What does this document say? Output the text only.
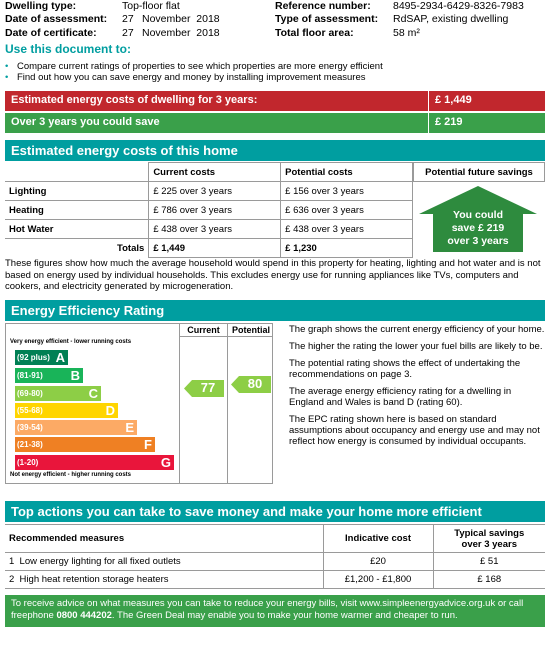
Dwelling type:	Top-floor flat
Date of assessment: 27 November  2018
Date of certificate: 27 November  2018
Reference number: 8495-2934-6429-8326-7983
Type of assessment: RdSAP, existing dwelling
Total floor area:	58 m²
Use this document to:
• Compare current ratings of properties to see which properties are more energy efficient
• Find out how you can save energy and money by installing improvement measures
Estimated energy costs of dwelling for 3 years:	£ 1,449
Over 3 years you could save	£ 219
Estimated energy costs of this home
	Current costs	Potential costs
Lighting	£ 225 over 3 years	£ 156 over 3 years
Heating	£ 786 over 3 years	£ 636 over 3 years
Hot Water	£ 438 over 3 years	£ 438 over 3 years
Totals	£ 1,449	£ 1,230
Potential future savings
You could
save £ 219
over 3 years
These figures show how much the average household would spend in this property for heating, lighting and hot water and is not based on energy used by individual households. This excludes energy use for running appliances like TVs, computers and cookers, and electricity generated by microgeneration.
Energy Efficiency Rating
Current	Potential
Very energy efficient - lower running costs
(92 plus) A
(81-91) B
(69-80)	C
(55-68)	D
(39-54)	E
(21-38)	F
(1-20)	G
Not energy efficient - higher running costs
77	80

The graph shows the current energy efficiency of your home.

The higher the rating the lower your fuel bills are likely to be.

The potential rating shows the effect of undertaking the recommendations on page 3.

The average energy efficiency rating for a dwelling in England and Wales is band D (rating 60).

The EPC rating shown here is based on standard assumptions about occupancy and energy use and may not reflect how energy is consumed by individual occupants.

Top actions you can take to save money and make your home more efficient
Recommended measures	Indicative cost	Typical savings
over 3 years

1  Low energy lighting for all fixed outlets	£20	£ 51
2  High heat retention storage heaters	£1,200 - £1,800	£ 168
To receive advice on what measures you can take to reduce your energy bills, visit www.simpleenergyadvice.org.uk or call freephone 0800 444202. The Green Deal may enable you to make your home warmer and cheaper to run.
